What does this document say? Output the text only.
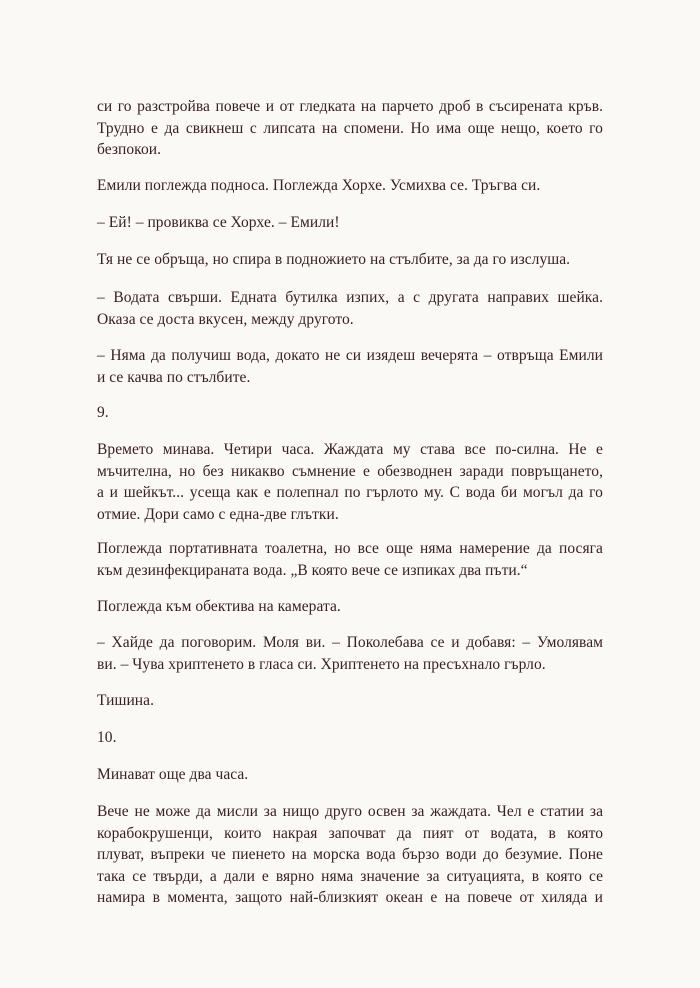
си го разстройва повече и от гледката на парчето дроб в съсирената кръв.
Трудно е да свикнеш с липсата на спомени. Но има още нещо, което го
безпокои.
Емили поглежда подноса. Поглежда Хорхе. Усмихва се. Тръгва си.
– Ей! – провиква се Хорхе. – Емили!
Тя не се обръща, но спира в подножието на стълбите, за да го изслуша.
– Водата свърши. Едната бутилка изпих, а с другата направих шейка.
Оказа се доста вкусен, между другото.
– Няма да получиш вода, докато не си изядеш вечерята – отвръща Емили
и се качва по стълбите.
9.
Времето минава. Четири часа. Жаждата му става все по-силна. Не е
мъчителна, но без никакво съмнение е обезводнен заради повръщането,
а и шейкът... усеща как е полепнал по гърлото му. С вода би могъл да го
отмие. Дори само с една-две глътки.
Поглежда портативната тоалетна, но все още няма намерение да посяга
към дезинфекцираната вода. „В която вече се изпиках два пъти.“
Поглежда към обектива на камерата.
– Хайде да поговорим. Моля ви. – Поколебава се и добавя: – Умолявам
ви. – Чува хриптенето в гласа си. Хриптенето на пресъхнало гърло.
Тишина.
10.
Минават още два часа.
Вече не може да мисли за нищо друго освен за жаждата. Чел е статии за
корабокрушенци, които накрая започват да пият от водата, в която
плуват, въпреки че пиенето на морска вода бързо води до безумие. Поне
така се твърди, а дали е вярно няма значение за ситуацията, в която се
намира в момента, защото най-близкият океан е на повече от хиляда и
